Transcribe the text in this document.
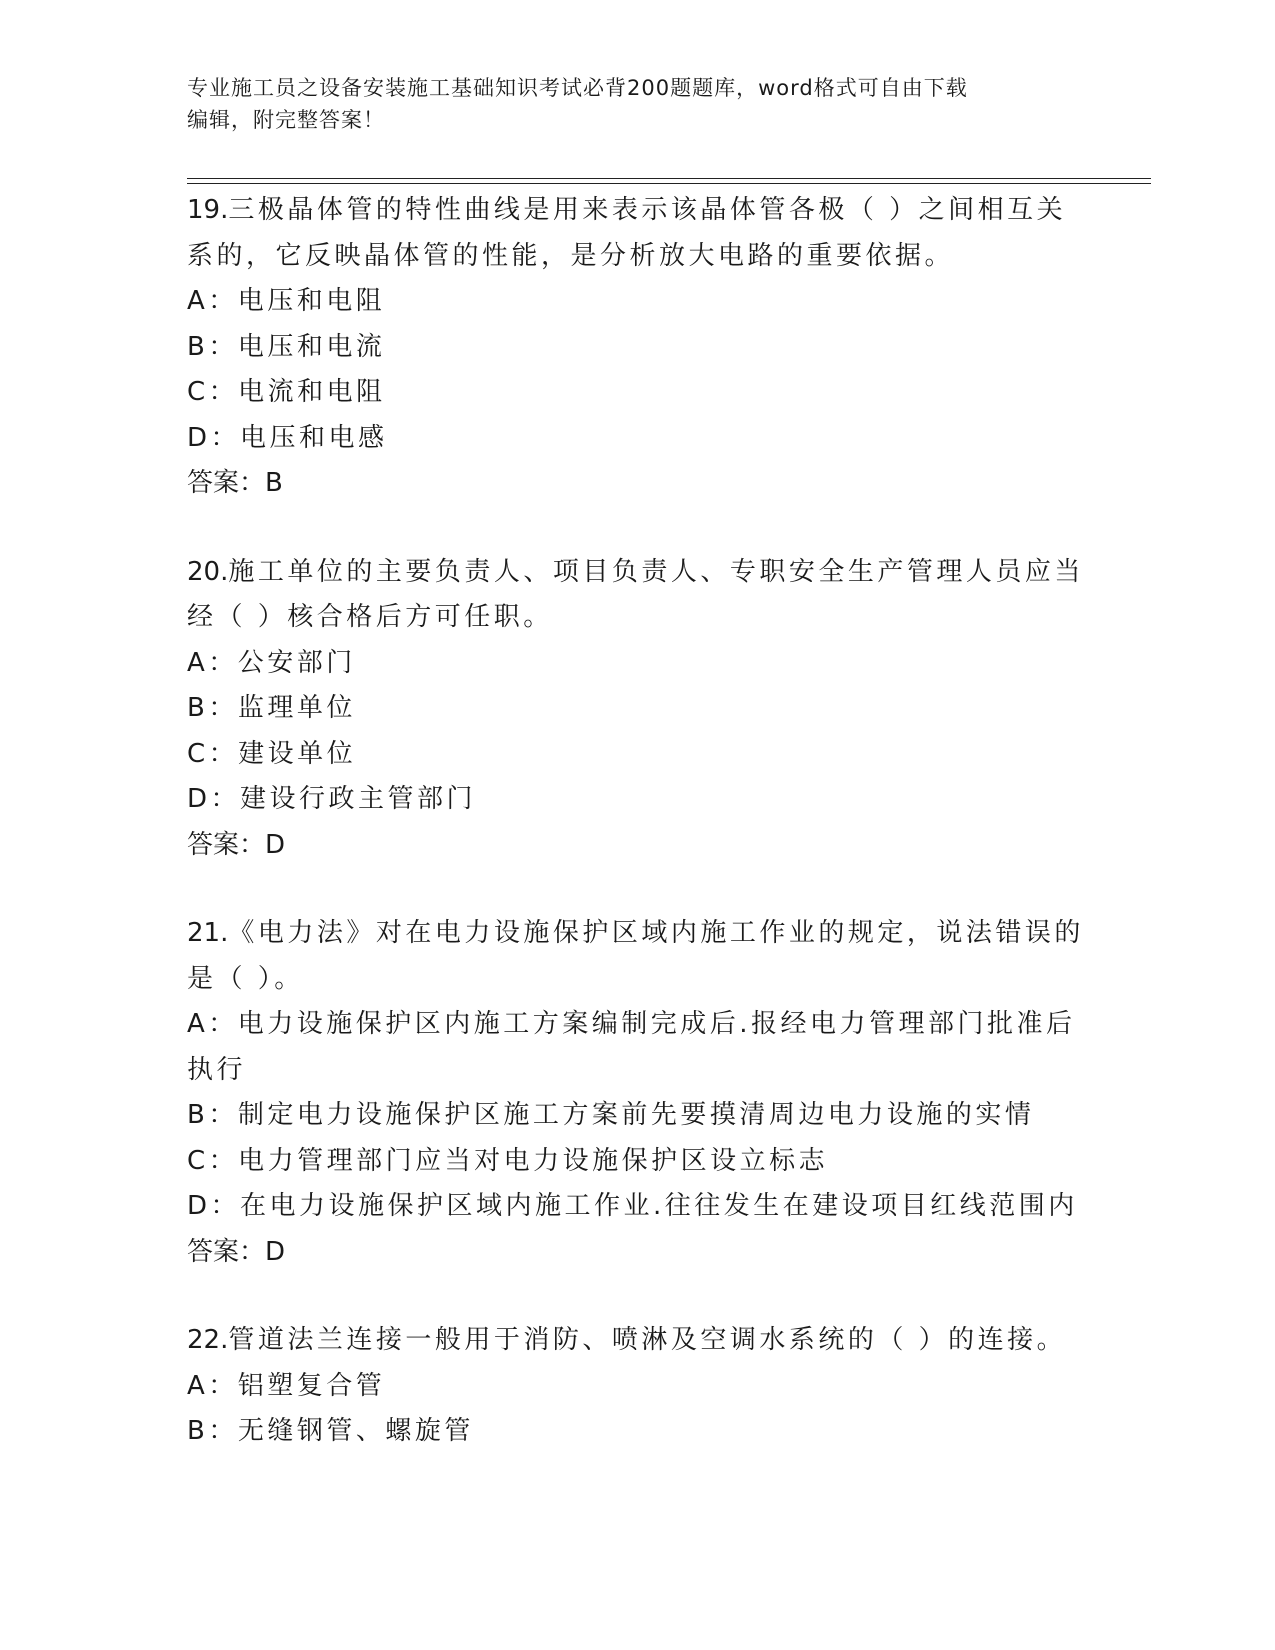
专业施工员之设备安装施工基础知识考试必背200题题库，word格式可自由下载
编辑，附完整答案！
19.三极晶体管的特性曲线是用来表示该晶体管各极（ ）之间相互关
系的，它反映晶体管的性能，是分析放大电路的重要依据。
A：电压和电阻
B：电压和电流
C：电流和电阻
D：电压和电感
答案：B
20.施工单位的主要负责人、项目负责人、专职安全生产管理人员应当
经（ ）核合格后方可任职。
A：公安部门
B：监理单位
C：建设单位
D：建设行政主管部门
答案：D
21.《电力法》对在电力设施保护区域内施工作业的规定，说法错误的
是（ ）。
A：电力设施保护区内施工方案编制完成后.报经电力管理部门批准后
执行
B：制定电力设施保护区施工方案前先要摸清周边电力设施的实情
C：电力管理部门应当对电力设施保护区设立标志
D：在电力设施保护区域内施工作业.往往发生在建设项目红线范围内
答案：D
22.管道法兰连接一般用于消防、喷淋及空调水系统的（ ）的连接。
A：铝塑复合管
B：无缝钢管、螺旋管
